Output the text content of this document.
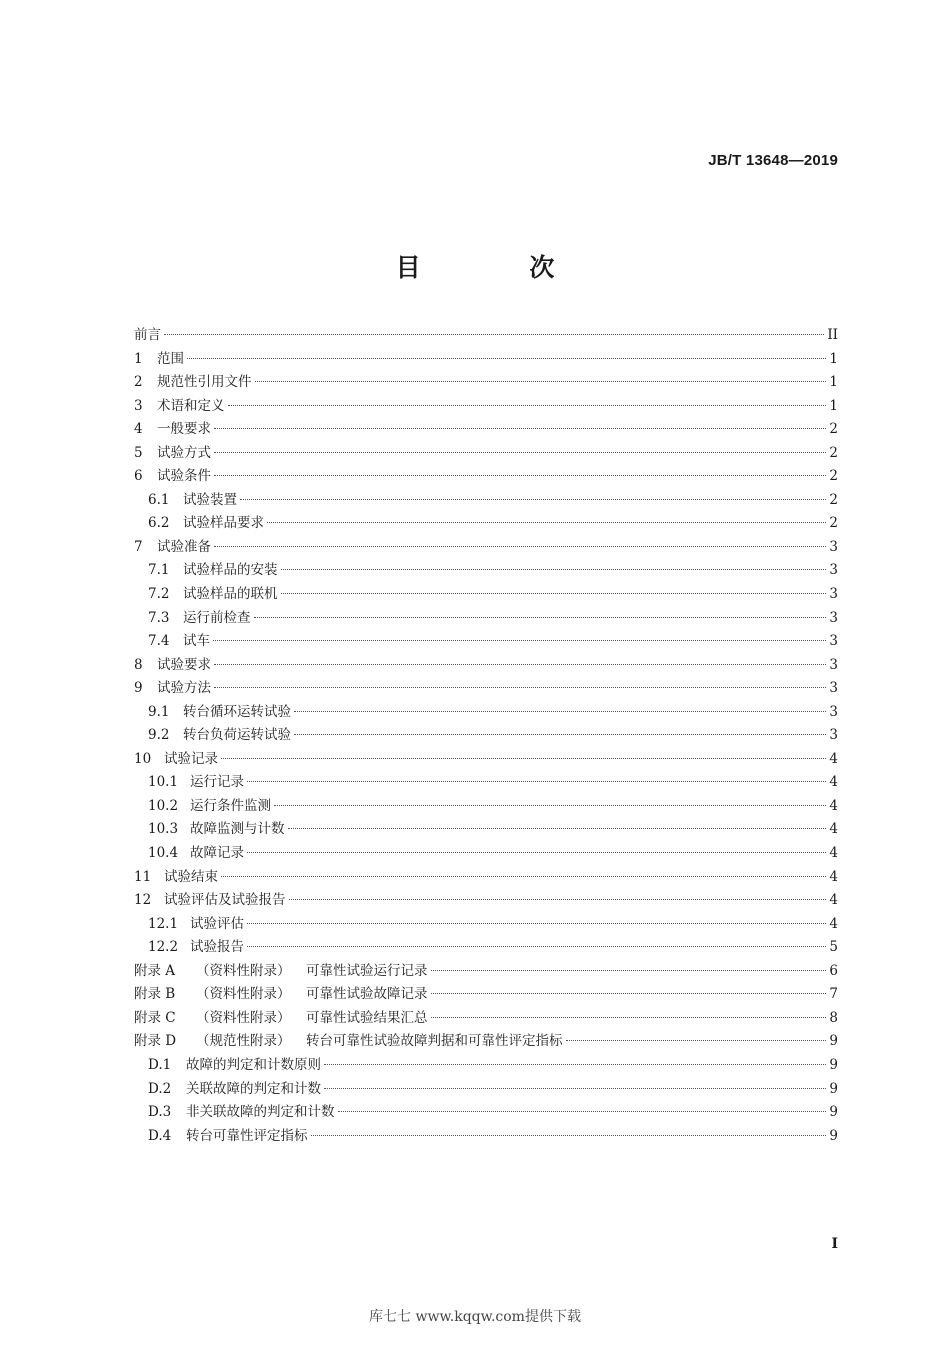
JB/T 13648—2019
目 次
前言	II
1	范围	1
2	规范性引用文件	1
3	术语和定义	1
4	一般要求	2
5	试验方式	2
6	试验条件	2
6.1	试验装置	2
6.2	试验样品要求	2
7	试验准备	3
7.1	试验样品的安装	3
7.2	试验样品的联机	3
7.3	运行前检查	3
7.4	试车	3
8	试验要求	3
9	试验方法	3
9.1	转台循环运转试验	3
9.2	转台负荷运转试验	3
10 试验记录	4
10.1 运行记录	4
10.2 运行条件监测	4
10.3 故障监测与计数	4
10.4 故障记录	4
11 试验结束	4
12 试验评估及试验报告	4
12.1 试验评估	4
12.2 试验报告	5
附录 A	（资料性附录）	可靠性试验运行记录	6
附录 B	（资料性附录）	可靠性试验故障记录	7
附录 C	（资料性附录）	可靠性试验结果汇总	8
附录 D	（规范性附录）	转台可靠性试验故障判据和可靠性评定指标	9
D.1	故障的判定和计数原则	9
D.2	关联故障的判定和计数	9
D.3	非关联故障的判定和计数	9
D.4	转台可靠性评定指标	9
I
库七七 www.kqqw.com提供下载
